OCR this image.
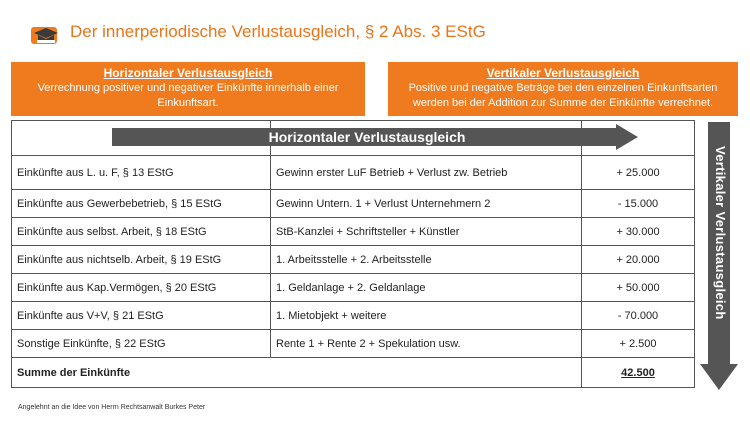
Der innerperiodische Verlustausgleich, § 2 Abs. 3 EStG
Horizontaler Verlustausgleich
Verrechnung positiver und negativer Einkünfte innerhalb einer Einkunftsart.
Vertikaler Verlustausgleich
Positive und negative Beträge bei den einzelnen Einkunftsarten werden bei der Addition zur Summe der Einkünfte verrechnet.

Einkünfte aus L. u. F, § 13 EStG	Gewinn erster LuF Betrieb + Verlust zw. Betrieb	+ 25.000
Einkünfte aus Gewerbebetrieb, § 15 EStG	Gewinn Untern. 1 + Verlust Unternehmern 2	- 15.000
Einkünfte aus selbst. Arbeit, § 18 EStG	StB-Kanzlei + Schriftsteller + Künstler	+ 30.000
Einkünfte aus nichtselb. Arbeit, § 19 EStG	1. Arbeitsstelle + 2. Arbeitsstelle	+ 20.000
Einkünfte aus Kap.Vermögen, § 20 EStG	1. Geldanlage + 2. Geldanlage	+ 50.000
Einkünfte aus V+V, § 21 EStG	1. Mietobjekt + weitere	- 70.000
Sonstige Einkünfte, § 22 EStG	Rente 1 + Rente 2 + Spekulation usw.	+ 2.500
Summe der Einkünfte		42.500
Horizontaler Verlustausgleich
Vertikaler Verlustausgleich
Angelehnt an die Idee von Herrn Rechtsanwalt Burkes Peter
